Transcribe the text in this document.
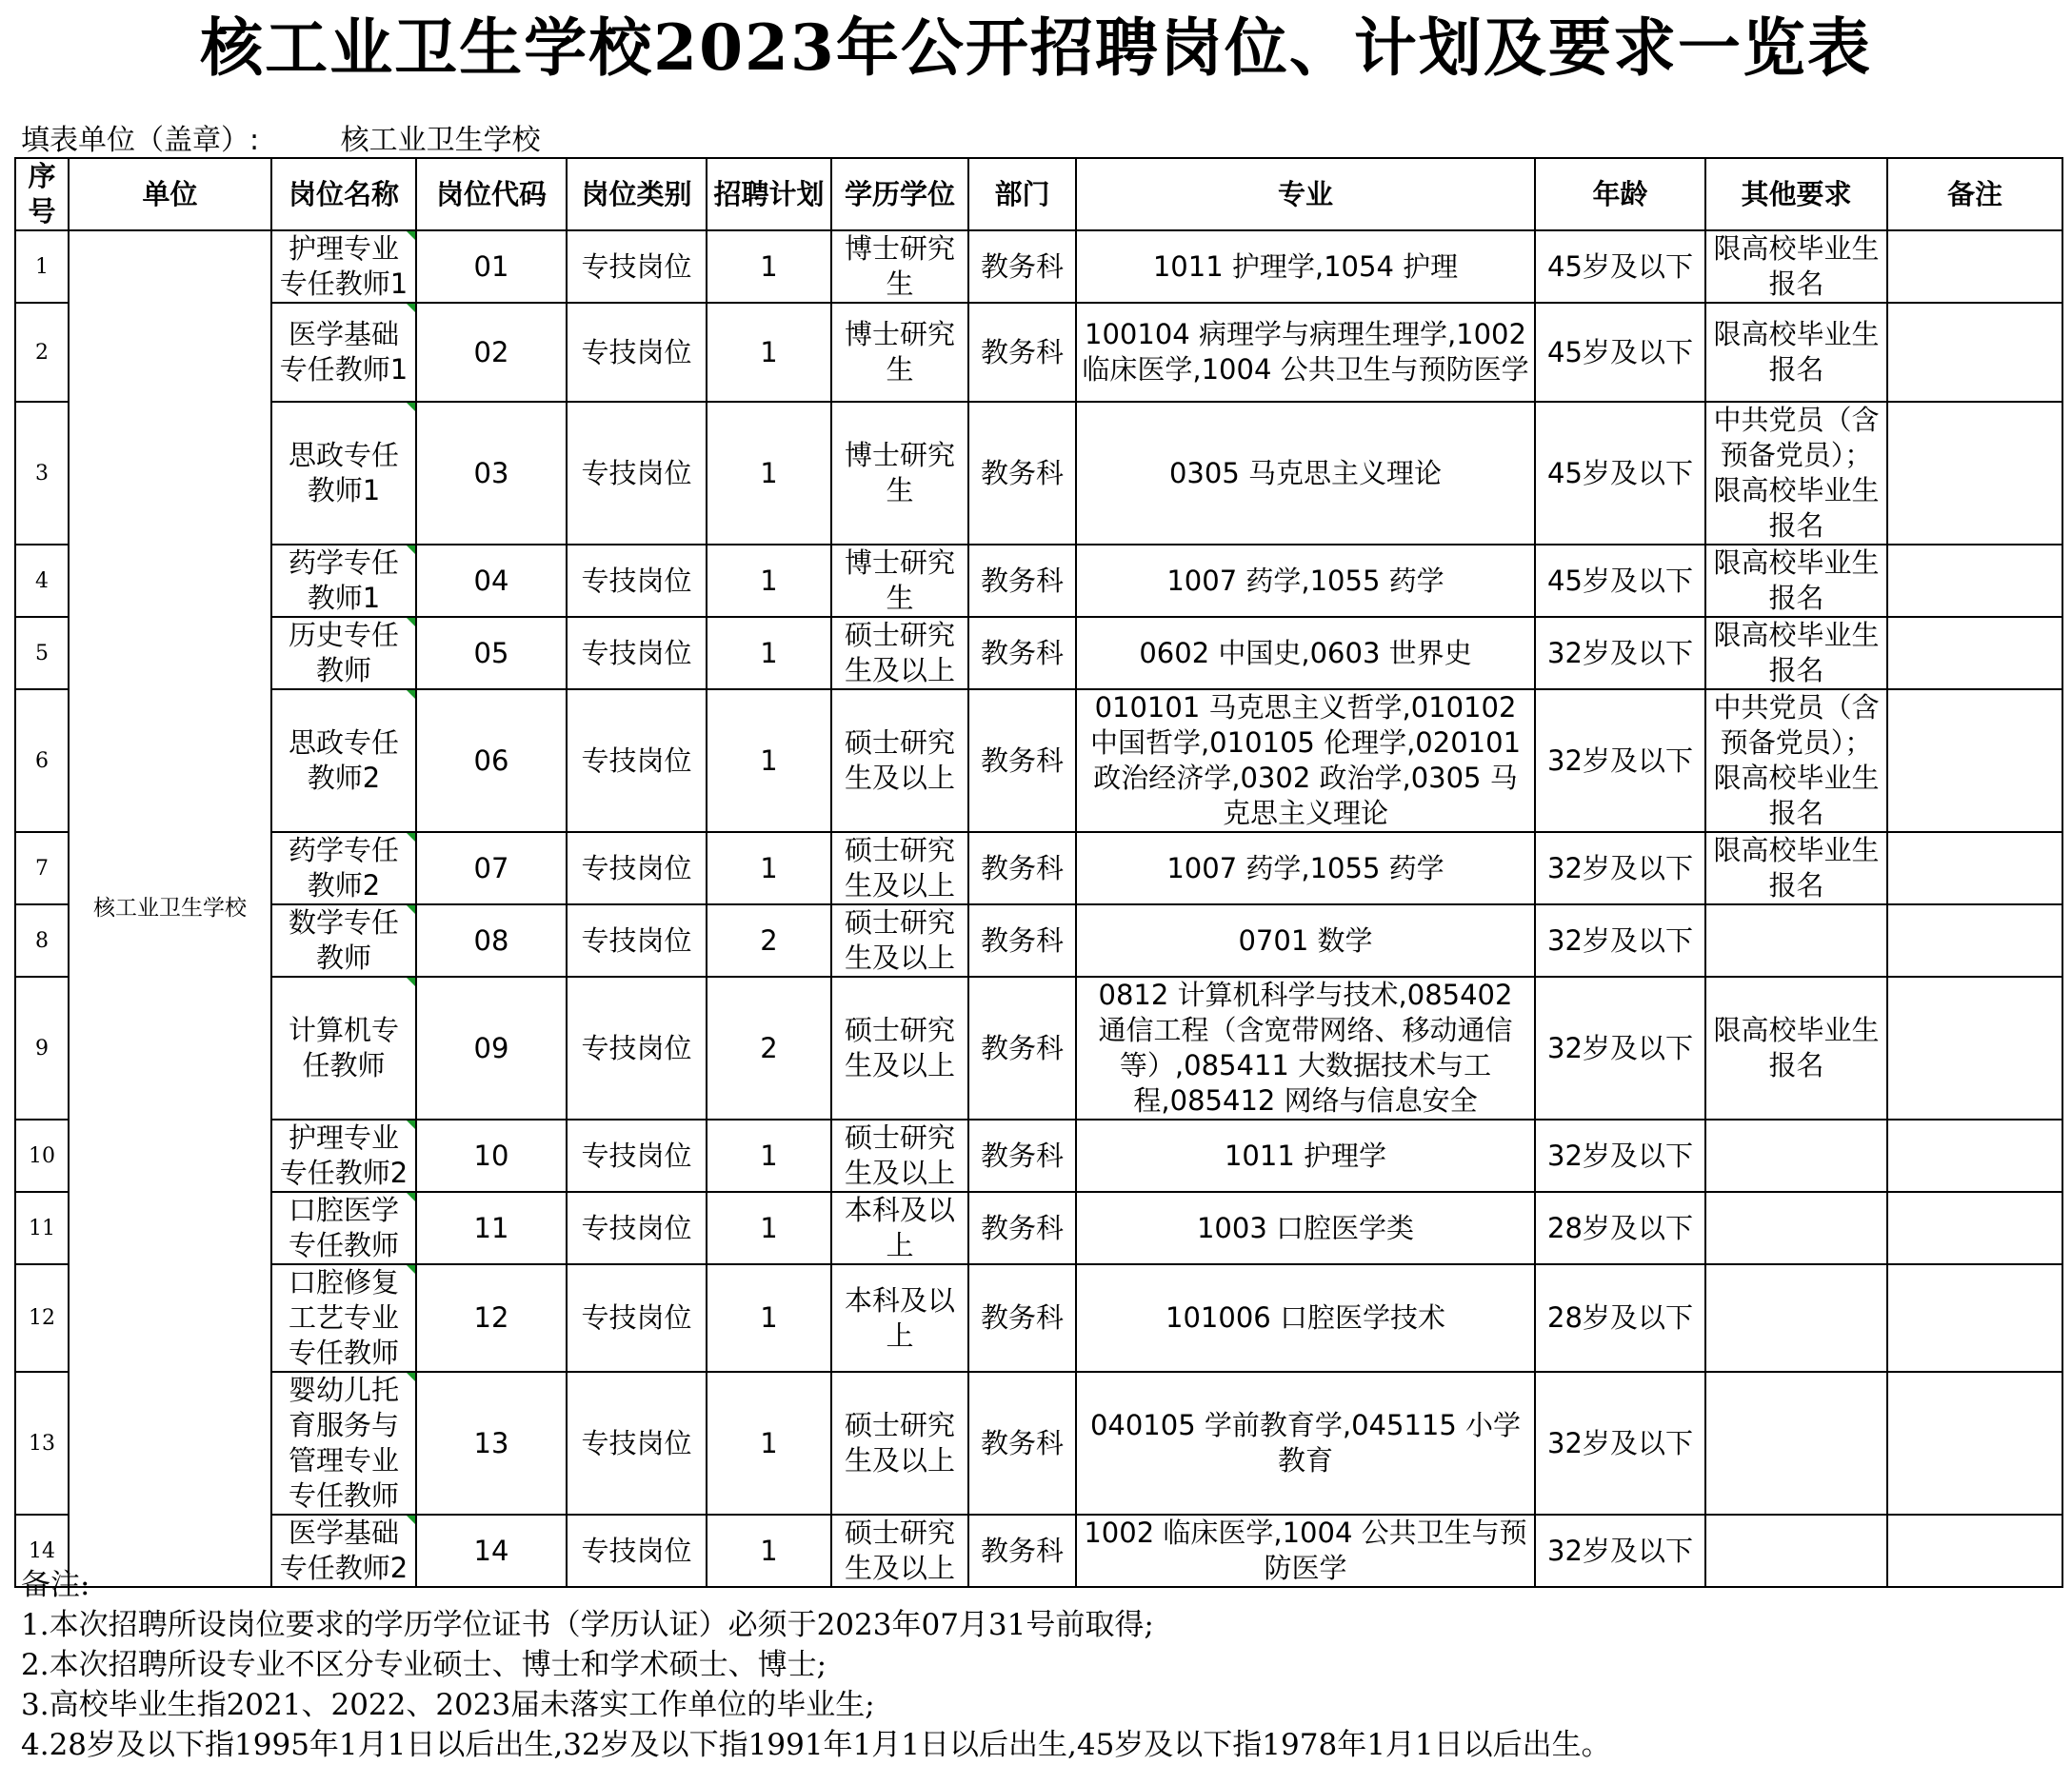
核工业卫生学校2023年公开招聘岗位、计划及要求一览表
填表单位（盖章）:	核工业卫生学校
序号	单位	岗位名称	岗位代码	岗位类别	招聘计划	学历学位	部门	专业	年龄	其他要求	备注
1	核工业卫生学校	护理专业专任教师1	01	专技岗位	1	博士研究生	教务科	1011 护理学,1054 护理	45岁及以下	限高校毕业生报名	
2		医学基础专任教师1	02	专技岗位	1	博士研究生	教务科	100104 病理学与病理生理学,1002 临床医学,1004 公共卫生与预防医学	45岁及以下	限高校毕业生报名	
3		思政专任教师1	03	专技岗位	1	博士研究生	教务科	0305 马克思主义理论	45岁及以下	中共党员（含预备党员）；限高校毕业生报名	
4		药学专任教师1	04	专技岗位	1	博士研究生	教务科	1007 药学,1055 药学	45岁及以下	限高校毕业生报名	
5		历史专任教师	05	专技岗位	1	硕士研究生及以上	教务科	0602 中国史,0603 世界史	32岁及以下	限高校毕业生报名	
6		思政专任教师2	06	专技岗位	1	硕士研究生及以上	教务科	010101 马克思主义哲学,010102 中国哲学,010105 伦理学,020101 政治经济学,0302 政治学,0305 马克思主义理论	32岁及以下	中共党员（含预备党员）；限高校毕业生报名	
7		药学专任教师2	07	专技岗位	1	硕士研究生及以上	教务科	1007 药学,1055 药学	32岁及以下	限高校毕业生报名	
8		数学专任教师	08	专技岗位	2	硕士研究生及以上	教务科	0701 数学	32岁及以下		
9		计算机专任教师	09	专技岗位	2	硕士研究生及以上	教务科	0812 计算机科学与技术,085402 通信工程（含宽带网络、移动通信等）,085411 大数据技术与工程,085412 网络与信息安全	32岁及以下	限高校毕业生报名	
10		护理专业专任教师2	10	专技岗位	1	硕士研究生及以上	教务科	1011 护理学	32岁及以下		
11		口腔医学专任教师	11	专技岗位	1	本科及以上	教务科	1003 口腔医学类	28岁及以下		
12		口腔修复工艺专业专任教师	12	专技岗位	1	本科及以上	教务科	101006 口腔医学技术	28岁及以下		
13		婴幼儿托育服务与管理专业专任教师	13	专技岗位	1	硕士研究生及以上	教务科	040105 学前教育学,045115 小学教育	32岁及以下		
14		医学基础专任教师2	14	专技岗位	1	硕士研究生及以上	教务科	1002 临床医学,1004 公共卫生与预防医学	32岁及以下		
备注:
1.本次招聘所设岗位要求的学历学位证书（学历认证）必须于2023年07月31号前取得;
2.本次招聘所设专业不区分专业硕士、博士和学术硕士、博士;
3.高校毕业生指2021、2022、2023届未落实工作单位的毕业生;
4.28岁及以下指1995年1月1日以后出生,32岁及以下指1991年1月1日以后出生,45岁及以下指1978年1月1日以后出生。
